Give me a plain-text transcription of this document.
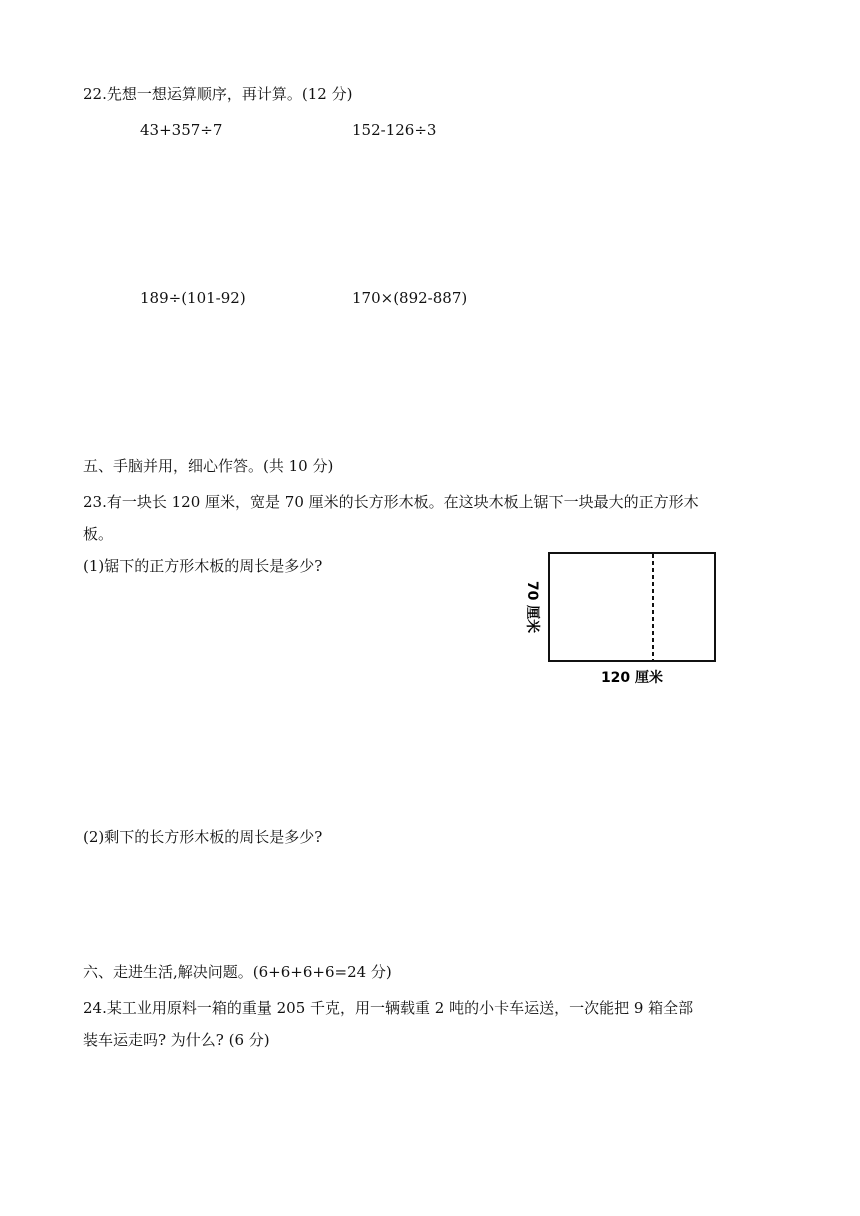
22.先想一想运算顺序，再计算。(12 分)
43+357÷7	152-126÷3
189÷(101-92)	170×(892-887)
五、手脑并用，细心作答。(共 10 分)
23.有一块长 120 厘米，宽是 70 厘米的长方形木板。在这块木板上锯下一块最大的正方形木
板。
(1)锯下的正方形木板的周长是多少?
70 厘米
120 厘米
(2)剩下的长方形木板的周长是多少?
六、走进生活,解决问题。(6+6+6+6=24 分)
24.某工业用原料一箱的重量 205 千克，用一辆载重 2 吨的小卡车运送，一次能把 9 箱全部
装车运走吗? 为什么? (6 分)
